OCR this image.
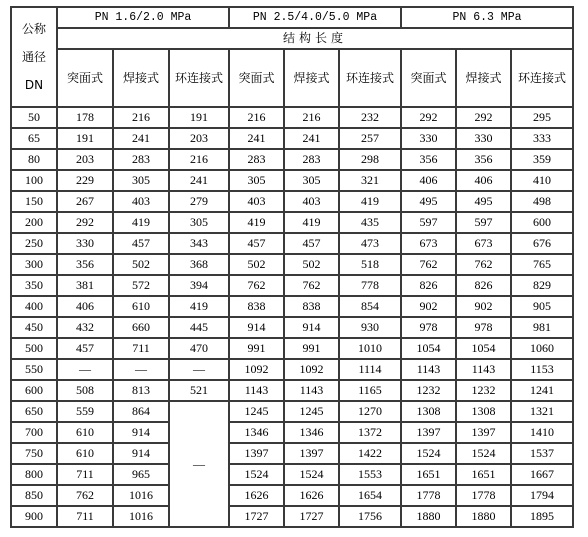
公称
通径
DN	PN 1.6/2.0 MPa			PN 2.5/4.0/5.0 MPa			PN 6.3 MPa		
	结构长度								
	突面式	焊接式	环连接式	突面式	焊接式	环连接式	突面式	焊接式	环连接式
50	178	216	191	216	216	232	292	292	295
65	191	241	203	241	241	257	330	330	333
80	203	283	216	283	283	298	356	356	359
100	229	305	241	305	305	321	406	406	410
150	267	403	279	403	403	419	495	495	498
200	292	419	305	419	419	435	597	597	600
250	330	457	343	457	457	473	673	673	676
300	356	502	368	502	502	518	762	762	765
350	381	572	394	762	762	778	826	826	829
400	406	610	419	838	838	854	902	902	905
450	432	660	445	914	914	930	978	978	981
500	457	711	470	991	991	1010	1054	1054	1060
550	—	—	—	1092	1092	1114	1143	1143	1153
600	508	813	521	1143	1143	1165	1232	1232	1241
650	559	864	—	1245	1245	1270	1308	1308	1321
700	610	914		1346	1346	1372	1397	1397	1410
750	610	914		1397	1397	1422	1524	1524	1537
800	711	965		1524	1524	1553	1651	1651	1667
850	762	1016		1626	1626	1654	1778	1778	1794
900	711	1016		1727	1727	1756	1880	1880	1895
